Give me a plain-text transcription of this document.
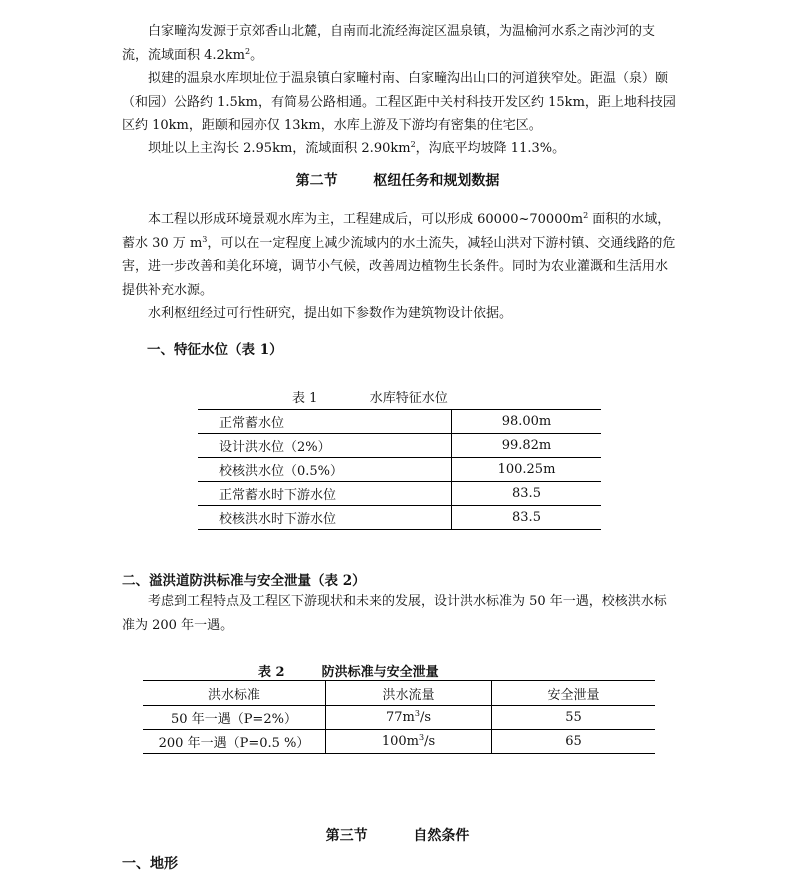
白家疃沟发源于京郊香山北麓，自南而北流经海淀区温泉镇，为温榆河水系之南沙河的支流，流域面积 $4.2km^2$。

拟建的温泉水库坝址位于温泉镇白家疃村南、白家疃沟出山口的河道狭窄处。距温（泉）颐（和园）公路约 1.5km，有简易公路相通。工程区距中关村科技开发区约 15km，距上地科技园区约 10km，距颐和园亦仅 13km，水库上游及下游均有密集的住宅区。

坝址以上主沟长 2.95km，流域面积 $2.90km^2$，沟底平均坡降 11.3%。

第二节	枢纽任务和规划数据

本工程以形成环境景观水库为主，工程建成后，可以形成 $60000\sim 70000m^2$ 面积的水域，蓄水 30 万 $m^3$，可以在一定程度上减少流域内的水土流失，减轻山洪对下游村镇、交通线路的危害，进一步改善和美化环境，调节小气候，改善周边植物生长条件。同时为农业灌溉和生活用水提供补充水源。

水利枢纽经过可行性研究，提出如下参数作为建筑物设计依据。

一、特征水位（表 1）
表 1	水库特征水位
正常蓄水位	98.00m
设计洪水位（2%）	99.82m
校核洪水位（0.5%）	100.25m
正常蓄水时下游水位	83.5
校核洪水时下游水位	83.5
二、溢洪道防洪标准与安全泄量（表 2）

考虑到工程特点及工程区下游现状和未来的发展，设计洪水标准为 50 年一遇，校核洪水标准为 200 年一遇。

表 2	防洪标准与安全泄量
洪水标准	洪水流量	安全泄量
50 年一遇（P=2%）	$77m^3/s$	55
200 年一遇（P=0.5 %）	$100m^3/s$	65
第三节	自然条件
一、地形
